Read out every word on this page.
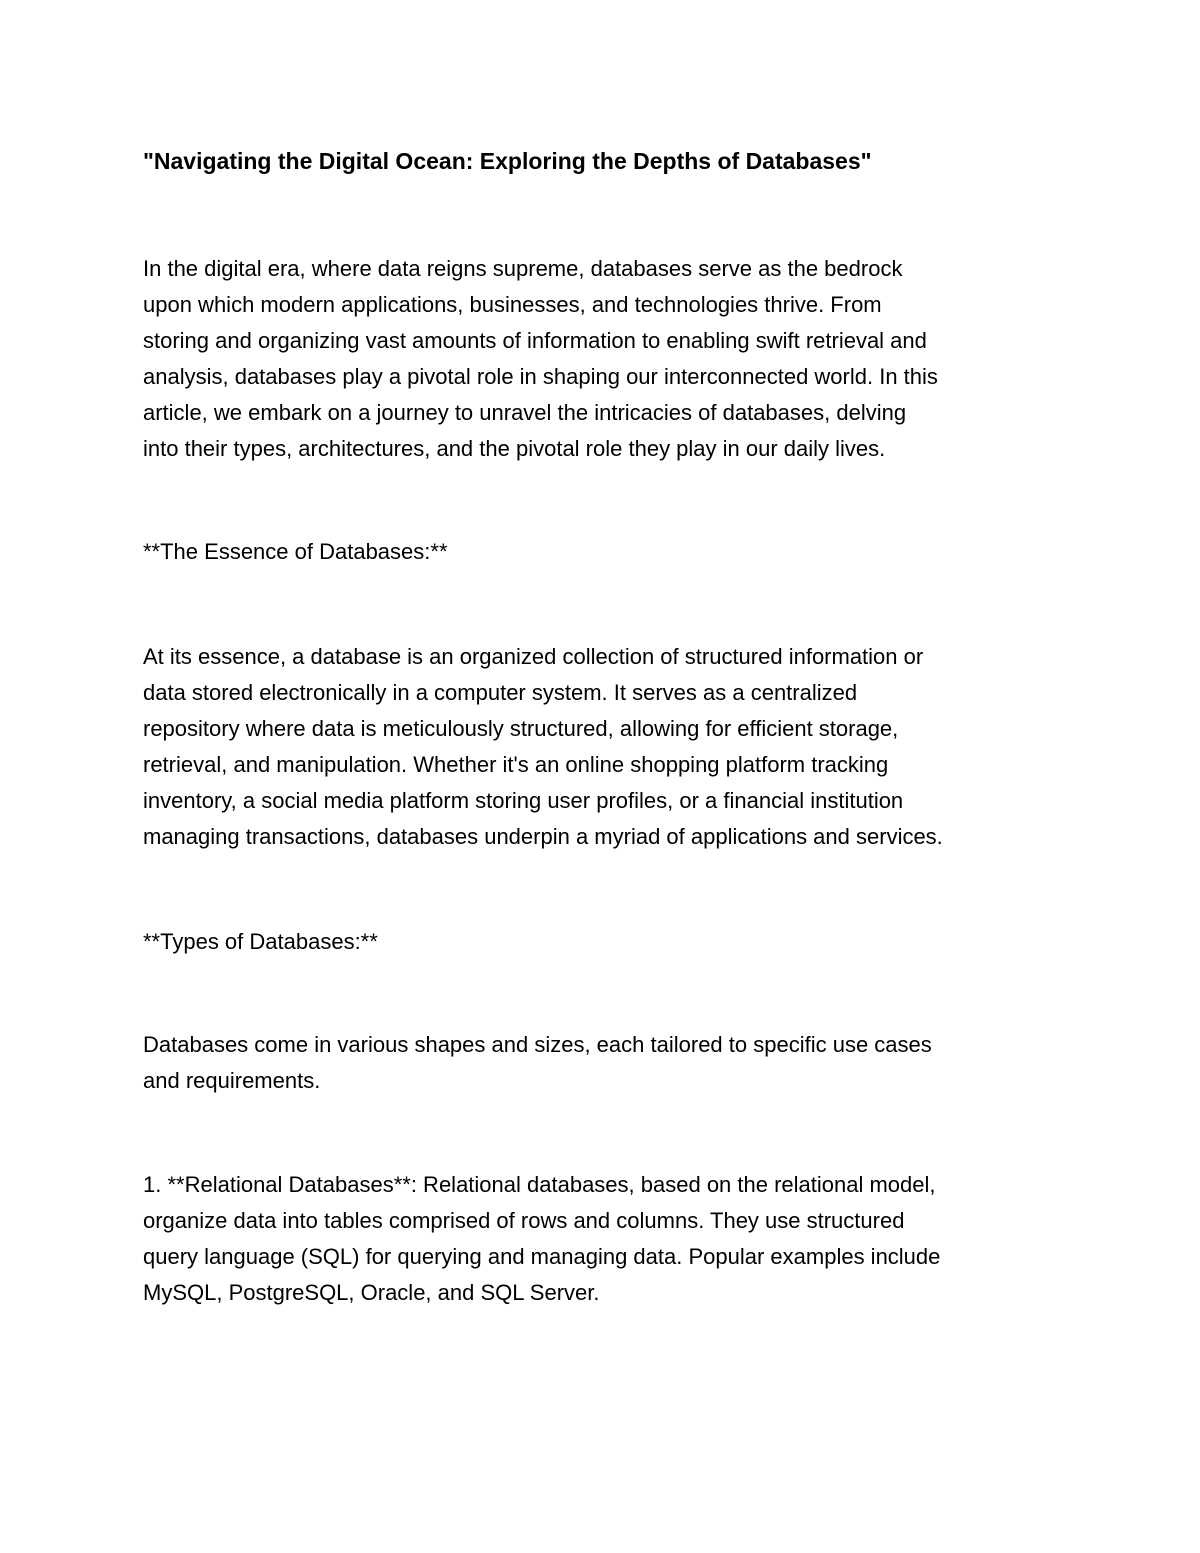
"Navigating the Digital Ocean: Exploring the Depths of Databases"

In the digital era, where data reigns supreme, databases serve as the bedrock
upon which modern applications, businesses, and technologies thrive. From
storing and organizing vast amounts of information to enabling swift retrieval and
analysis, databases play a pivotal role in shaping our interconnected world. In this
article, we embark on a journey to unravel the intricacies of databases, delving
into their types, architectures, and the pivotal role they play in our daily lives.

**The Essence of Databases:**

At its essence, a database is an organized collection of structured information or
data stored electronically in a computer system. It serves as a centralized
repository where data is meticulously structured, allowing for efficient storage,
retrieval, and manipulation. Whether it's an online shopping platform tracking
inventory, a social media platform storing user profiles, or a financial institution
managing transactions, databases underpin a myriad of applications and services.

**Types of Databases:**

Databases come in various shapes and sizes, each tailored to specific use cases
and requirements.

1. **Relational Databases**: Relational databases, based on the relational model,
organize data into tables comprised of rows and columns. They use structured
query language (SQL) for querying and managing data. Popular examples include
MySQL, PostgreSQL, Oracle, and SQL Server.
